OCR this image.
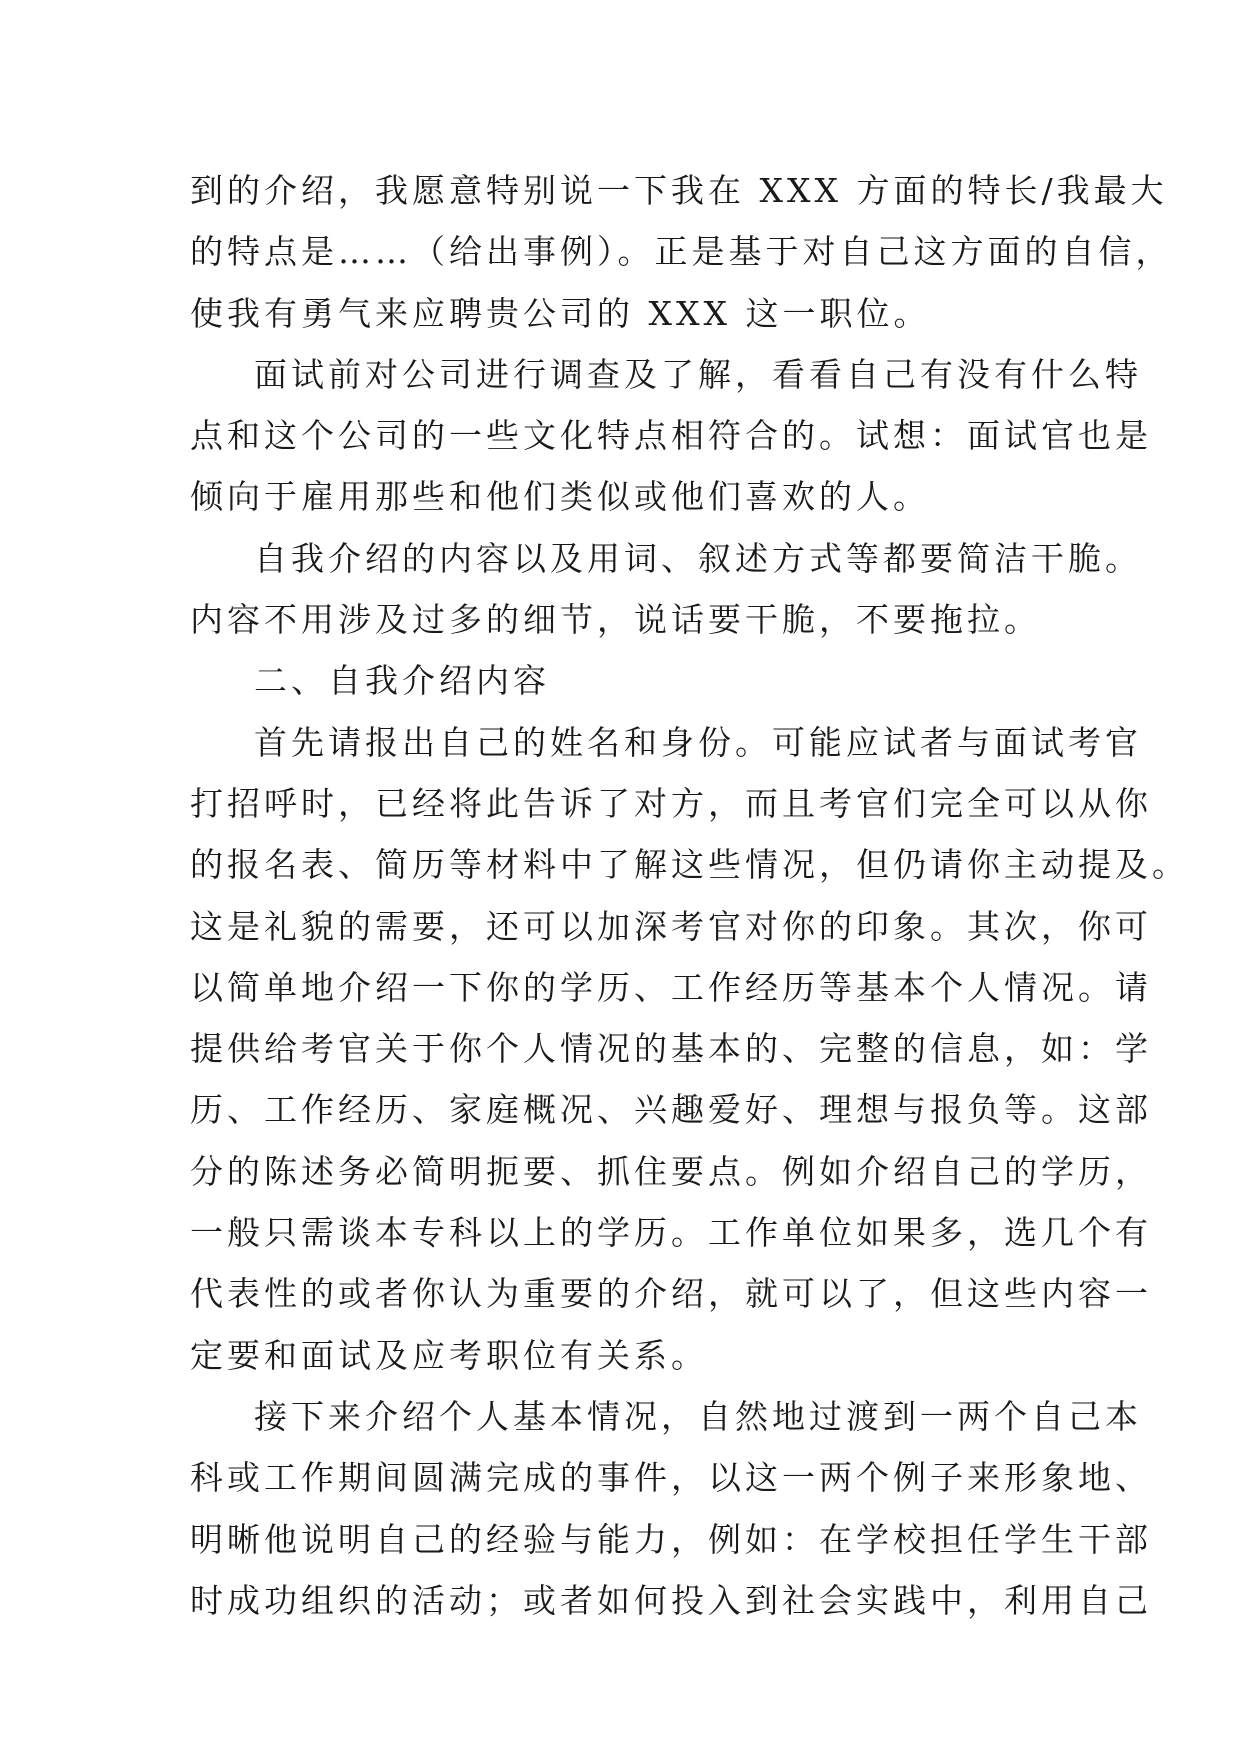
到的介绍，我愿意特别说一下我在 XXX 方面的特长/我最大
的特点是……（给出事例）。正是基于对自己这方面的自信，
使我有勇气来应聘贵公司的 XXX 这一职位。
面试前对公司进行调查及了解，看看自己有没有什么特
点和这个公司的一些文化特点相符合的。试想：面试官也是
倾向于雇用那些和他们类似或他们喜欢的人。
自我介绍的内容以及用词、叙述方式等都要简洁干脆。
内容不用涉及过多的细节，说话要干脆，不要拖拉。
二、自我介绍内容
首先请报出自己的姓名和身份。可能应试者与面试考官
打招呼时，已经将此告诉了对方，而且考官们完全可以从你
的报名表、简历等材料中了解这些情况，但仍请你主动提及。
这是礼貌的需要，还可以加深考官对你的印象。其次，你可
以简单地介绍一下你的学历、工作经历等基本个人情况。请
提供给考官关于你个人情况的基本的、完整的信息，如：学
历、工作经历、家庭概况、兴趣爱好、理想与报负等。这部
分的陈述务必简明扼要、抓住要点。例如介绍自己的学历，
一般只需谈本专科以上的学历。工作单位如果多，选几个有
代表性的或者你认为重要的介绍，就可以了，但这些内容一
定要和面试及应考职位有关系。
接下来介绍个人基本情况，自然地过渡到一两个自己本
科或工作期间圆满完成的事件，以这一两个例子来形象地、
明晰他说明自己的经验与能力，例如：在学校担任学生干部
时成功组织的活动；或者如何投入到社会实践中，利用自己
